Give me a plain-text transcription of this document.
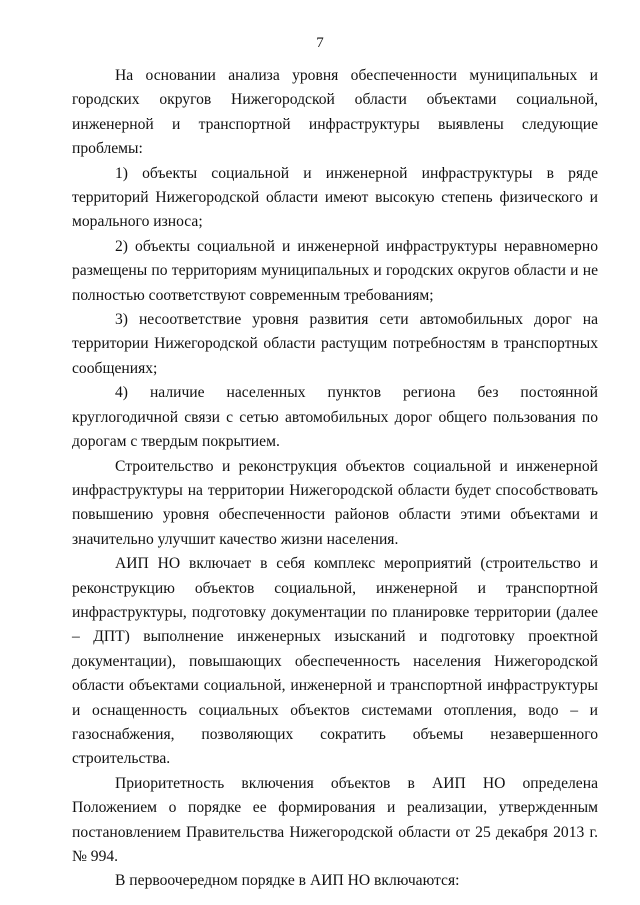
7

На основании анализа уровня обеспеченности муниципальных и городских округов Нижегородской области объектами социальной, инженерной и транспортной инфраструктуры выявлены следующие проблемы:

1) объекты социальной и инженерной инфраструктуры в ряде территорий Нижегородской области имеют высокую степень физического и морального износа;

2) объекты социальной и инженерной инфраструктуры неравномерно размещены по территориям муниципальных и городских округов области и не полностью соответствуют современным требованиям;

3) несоответствие уровня развития сети автомобильных дорог на территории Нижегородской области растущим потребностям в транспортных сообщениях;

4) наличие населенных пунктов региона без постоянной круглогодичной связи с сетью автомобильных дорог общего пользования по дорогам с твердым покрытием.

Строительство и реконструкция объектов социальной и инженерной инфраструктуры на территории Нижегородской области будет способствовать повышению уровня обеспеченности районов области этими объектами и значительно улучшит качество жизни населения.

АИП НО включает в себя комплекс мероприятий (строительство и реконструкцию объектов социальной, инженерной и транспортной инфраструктуры, подготовку документации по планировке территории (далее – ДПТ) выполнение инженерных изысканий и подготовку проектной документации), повышающих обеспеченность населения Нижегородской области объектами социальной, инженерной и транспортной инфраструктуры и оснащенность социальных объектов системами отопления, водо – и газоснабжения, позволяющих сократить объемы незавершенного строительства.

Приоритетность включения объектов в АИП НО определена Положением о порядке ее формирования и реализации, утвержденным постановлением Правительства Нижегородской области от 25 декабря 2013 г. № 994.

В первоочередном порядке в АИП НО включаются:
